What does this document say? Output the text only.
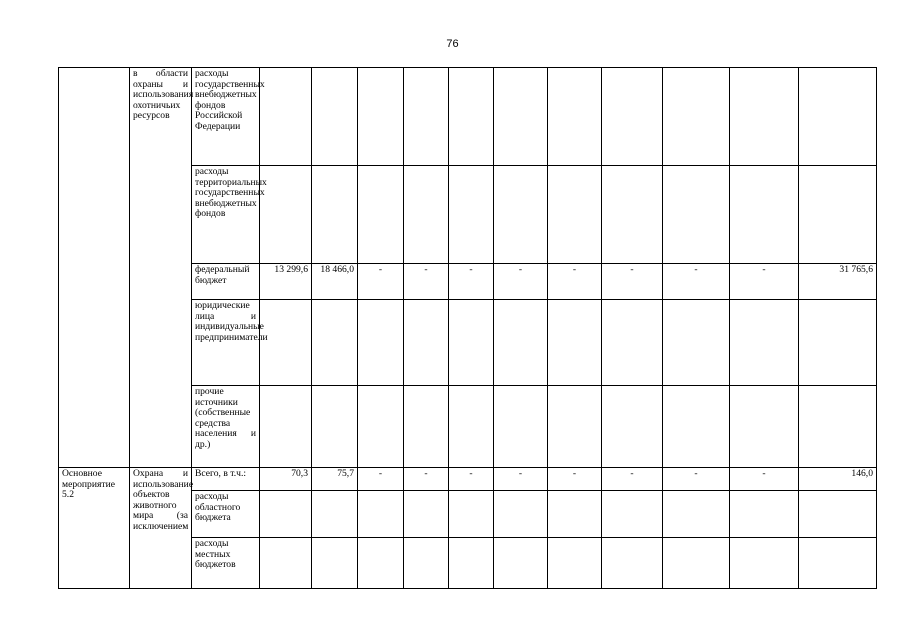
76
	в области охраны и использования охотничьих ресурсов	расходы государственных внебюджетных фондов Российской Федерации											
		расходы территориальных государственных внебюджетных фондов											
		федеральный бюджет	13 299,6	18 466,0	-	-	-	-	-	-	-	-	31 765,6
		юридические лица и индивидуальные предприниматели											
		прочие источники (собственные средства населения и др.)											
Основное мероприятие 5.2	Охрана и использование объектов животного мира (за исключением	Всего, в т.ч.:	70,3	75,7	-	-	-	-	-	-	-	-	146,0
		расходы областного бюджета											
		расходы местных бюджетов											
